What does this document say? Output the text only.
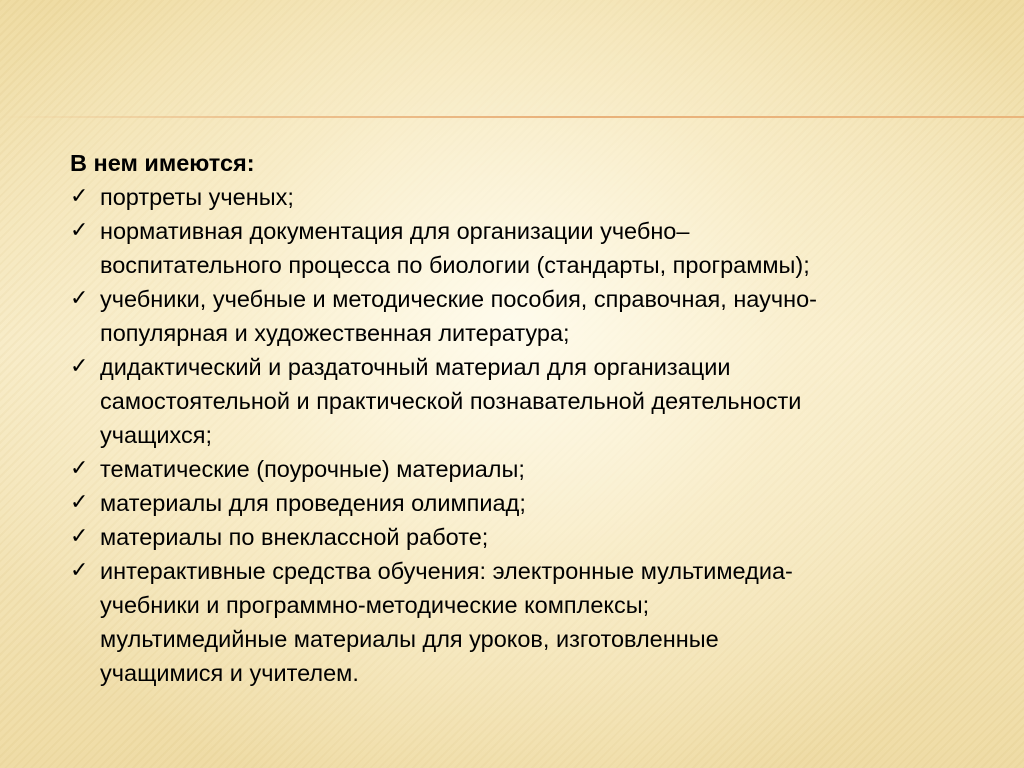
В нем имеются:

✓ портреты ученых;
✓ нормативная документация для организации учебно–
воспитательного процесса по биологии (стандарты, программы);
✓ учебники, учебные и методические пособия, справочная, научно-
популярная и художественная литература;
✓ дидактический и раздаточный материал для организации
самостоятельной и практической познавательной деятельности
учащихся;
✓ тематические (поурочные) материалы;
✓ материалы для проведения олимпиад;
✓ материалы по внеклассной работе;
✓ интерактивные средства обучения: электронные мультимедиа-
учебники и программно-методические комплексы;
мультимедийные материалы для уроков, изготовленные
учащимися и учителем.
